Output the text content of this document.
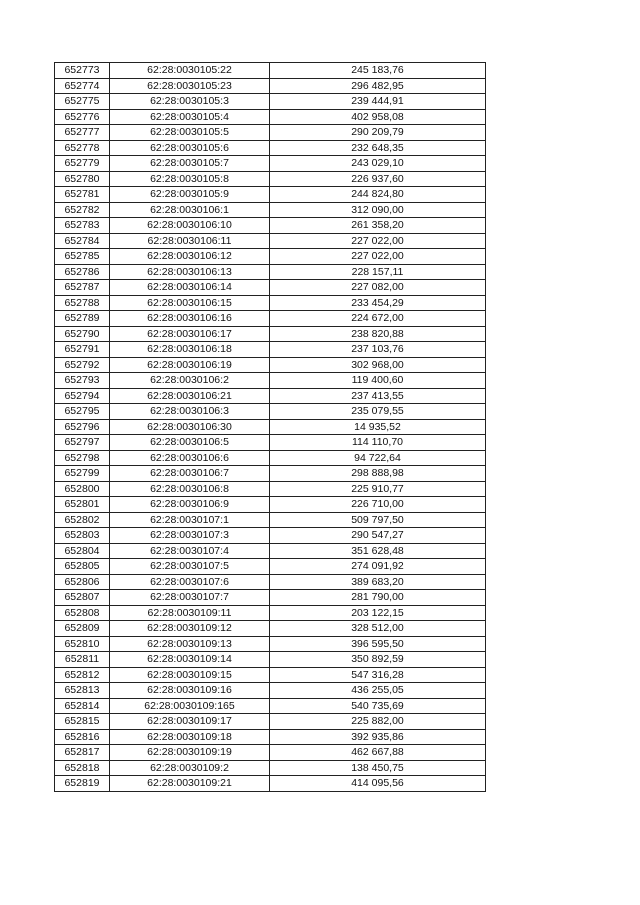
652773	62:28:0030105:22	245 183,76
652774	62:28:0030105:23	296 482,95
652775	62:28:0030105:3	239 444,91
652776	62:28:0030105:4	402 958,08
652777	62:28:0030105:5	290 209,79
652778	62:28:0030105:6	232 648,35
652779	62:28:0030105:7	243 029,10
652780	62:28:0030105:8	226 937,60
652781	62:28:0030105:9	244 824,80
652782	62:28:0030106:1	312 090,00
652783	62:28:0030106:10	261 358,20
652784	62:28:0030106:11	227 022,00
652785	62:28:0030106:12	227 022,00
652786	62:28:0030106:13	228 157,11
652787	62:28:0030106:14	227 082,00
652788	62:28:0030106:15	233 454,29
652789	62:28:0030106:16	224 672,00
652790	62:28:0030106:17	238 820,88
652791	62:28:0030106:18	237 103,76
652792	62:28:0030106:19	302 968,00
652793	62:28:0030106:2	119 400,60
652794	62:28:0030106:21	237 413,55
652795	62:28:0030106:3	235 079,55
652796	62:28:0030106:30	14 935,52
652797	62:28:0030106:5	114 110,70
652798	62:28:0030106:6	94 722,64
652799	62:28:0030106:7	298 888,98
652800	62:28:0030106:8	225 910,77
652801	62:28:0030106:9	226 710,00
652802	62:28:0030107:1	509 797,50
652803	62:28:0030107:3	290 547,27
652804	62:28:0030107:4	351 628,48
652805	62:28:0030107:5	274 091,92
652806	62:28:0030107:6	389 683,20
652807	62:28:0030107:7	281 790,00
652808	62:28:0030109:11	203 122,15
652809	62:28:0030109:12	328 512,00
652810	62:28:0030109:13	396 595,50
652811	62:28:0030109:14	350 892,59
652812	62:28:0030109:15	547 316,28
652813	62:28:0030109:16	436 255,05
652814	62:28:0030109:165	540 735,69
652815	62:28:0030109:17	225 882,00
652816	62:28:0030109:18	392 935,86
652817	62:28:0030109:19	462 667,88
652818	62:28:0030109:2	138 450,75
652819	62:28:0030109:21	414 095,56
